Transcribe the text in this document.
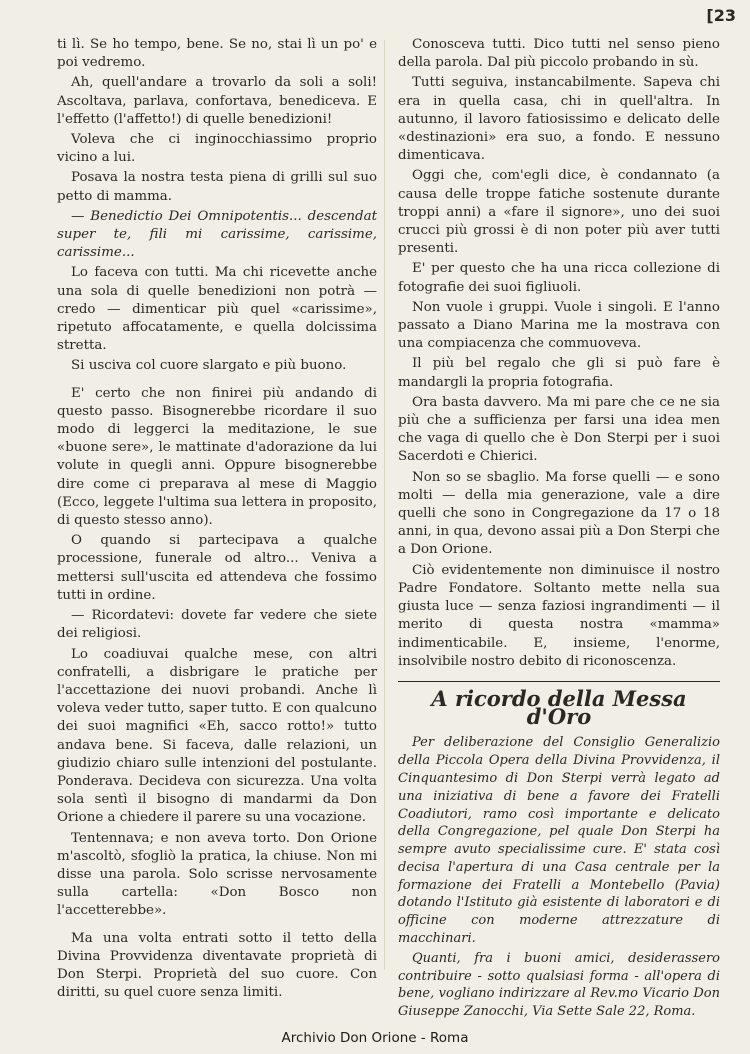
[23

ti lì. Se ho tempo, bene. Se no, stai lì un po' e poi vedremo.

Ah, quell'andare a trovarlo da soli a soli! Ascoltava, parlava, confortava, benediceva. E l'effetto (l'affetto!) di quelle benedizioni!

Voleva che ci inginocchiassimo proprio vicino a lui.

Posava la nostra testa piena di grilli sul suo petto di mamma.

— Benedictio Dei Omnipotentis... descendat super te, fili mi carissime, carissime, carissime...

Lo faceva con tutti. Ma chi ricevette anche una sola di quelle benedizioni non potrà — credo — dimenticar più quel «carissime», ripetuto affocatamente, e quella dolcissima stretta.

Si usciva col cuore slargato e più buono.

E' certo che non finirei più andando di questo passo. Bisognerebbe ricordare il suo modo di leggerci la meditazione, le sue «buone sere», le mattinate d'adorazione da lui volute in quegli anni. Oppure bisognerebbe dire come ci preparava al mese di Maggio (Ecco, leggete l'ultima sua lettera in proposito, di questo stesso anno).

O quando si partecipava a qualche processione, funerale od altro... Veniva a mettersi sull'uscita ed attendeva che fossimo tutti in ordine.

— Ricordatevi: dovete far vedere che siete dei religiosi.

Lo coadiuvai qualche mese, con altri confratelli, a disbrigare le pratiche per l'accettazione dei nuovi probandi. Anche lì voleva veder tutto, saper tutto. E con qualcuno dei suoi magnifici «Eh, sacco rotto!» tutto andava bene. Si faceva, dalle relazioni, un giudizio chiaro sulle intenzioni del postulante. Ponderava. Decideva con sicurezza. Una volta sola sentì il bisogno di mandarmi da Don Orione a chiedere il parere su una vocazione.

Tentennava; e non aveva torto. Don Orione m'ascoltò, sfogliò la pratica, la chiuse. Non mi disse una parola. Solo scrisse nervosamente sulla cartella: «Don Bosco non l'accetterebbe».

Ma una volta entrati sotto il tetto della Divina Provvidenza diventavate proprietà di Don Sterpi. Proprietà del suo cuore. Con diritti, su quel cuore senza limiti.

Conosceva tutti. Dico tutti nel senso pieno della parola. Dal più piccolo probando in sù.

Tutti seguiva, instancabilmente. Sapeva chi era in quella casa, chi in quell'altra. In autunno, il lavoro fatiosissimo e delicato delle «destinazioni» era suo, a fondo. E nessuno dimenticava.

Oggi che, com'egli dice, è condannato (a causa delle troppe fatiche sostenute durante troppi anni) a «fare il signore», uno dei suoi crucci più grossi è di non poter più aver tutti presenti.

E' per questo che ha una ricca collezione di fotografie dei suoi figliuoli.

Non vuole i gruppi. Vuole i singoli. E l'anno passato a Diano Marina me la mostrava con una compiacenza che commuoveva.

Il più bel regalo che gli si può fare è mandargli la propria fotografia.

Ora basta davvero. Ma mi pare che ce ne sia più che a sufficienza per farsi una idea men che vaga di quello che è Don Sterpi per i suoi Sacerdoti e Chierici.

Non so se sbaglio. Ma forse quelli — e sono molti — della mia generazione, vale a dire quelli che sono in Congregazione da 17 o 18 anni, in qua, devono assai più a Don Sterpi che a Don Orione.

Ciò evidentemente non diminuisce il nostro Padre Fondatore. Soltanto mette nella sua giusta luce — senza faziosi ingrandimenti — il merito di questa nostra «mamma» indimenticabile. E, insieme, l'enorme, insolvibile nostro debito di riconoscenza.

A ricordo della Messa d'Oro

Per deliberazione del Consiglio Generalizio della Piccola Opera della Divina Provvidenza, il Cinquantesimo di Don Sterpi verrà legato ad una iniziativa di bene a favore dei Fratelli Coadiutori, ramo così importante e delicato della Congregazione, pel quale Don Sterpi ha sempre avuto specialissime cure. E' stata così decisa l'apertura di una Casa centrale per la formazione dei Fratelli a Montebello (Pavia) dotando l'Istituto già esistente di laboratori e di officine con moderne attrezzature di macchinari.

Quanti, fra i buoni amici, desiderassero contribuire - sotto qualsiasi forma - all'opera di bene, vogliano indirizzare al Rev.mo Vicario Don Giuseppe Zanocchi, Via Sette Sale 22, Roma.

Archivio Don Orione - Roma
